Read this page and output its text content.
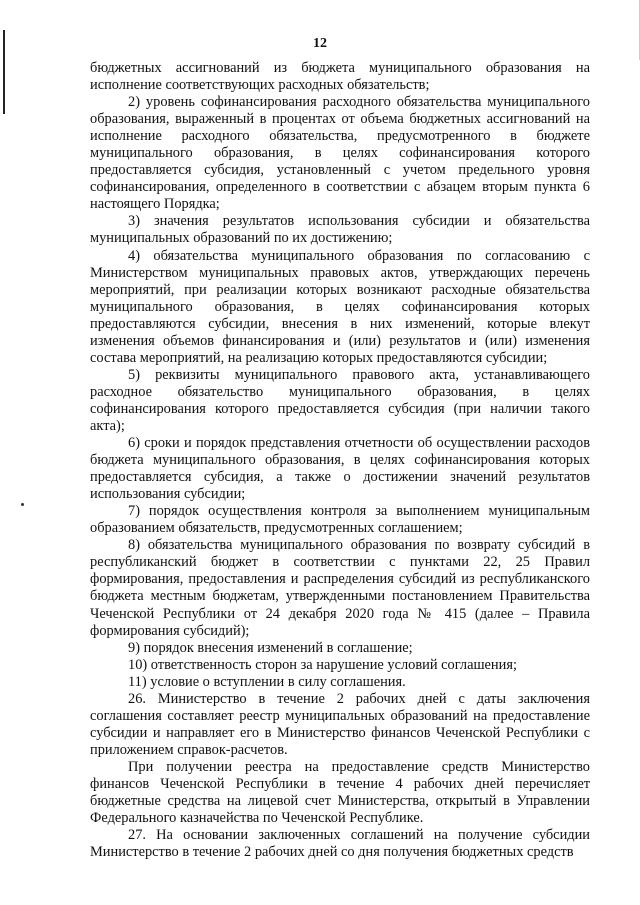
12

бюджетных ассигнований из бюджета муниципального образования на исполнение соответствующих расходных обязательств;

2) уровень софинансирования расходного обязательства муниципального образования, выраженный в процентах от объема бюджетных ассигнований на исполнение расходного обязательства, предусмотренного в бюджете муниципального образования, в целях софинансирования которого предоставляется субсидия, установленный с учетом предельного уровня софинансирования, определенного в соответствии с абзацем вторым пункта 6 настоящего Порядка;

3) значения результатов использования субсидии и обязательства муниципальных образований по их достижению;

4) обязательства муниципального образования по согласованию с Министерством муниципальных правовых актов, утверждающих перечень мероприятий, при реализации которых возникают расходные обязательства муниципального образования, в целях софинансирования которых предоставляются субсидии, внесения в них изменений, которые влекут изменения объемов финансирования и (или) результатов и (или) изменения состава мероприятий, на реализацию которых предоставляются субсидии;

5) реквизиты муниципального правового акта, устанавливающего расходное обязательство муниципального образования, в целях софинансирования которого предоставляется субсидия (при наличии такого акта);

6) сроки и порядок представления отчетности об осуществлении расходов бюджета муниципального образования, в целях софинансирования которых предоставляется субсидия, а также о достижении значений результатов использования субсидии;

7) порядок осуществления контроля за выполнением муниципальным образованием обязательств, предусмотренных соглашением;

8) обязательства муниципального образования по возврату субсидий в республиканский бюджет в соответствии с пунктами 22, 25 Правил формирования, предоставления и распределения субсидий из республиканского бюджета местным бюджетам, утвержденными постановлением Правительства Чеченской Республики от 24 декабря 2020 года № 415 (далее – Правила формирования субсидий);

9) порядок внесения изменений в соглашение;

10) ответственность сторон за нарушение условий соглашения;

11) условие о вступлении в силу соглашения.

26. Министерство в течение 2 рабочих дней с даты заключения соглашения составляет реестр муниципальных образований на предоставление субсидии и направляет его в Министерство финансов Чеченской Республики с приложением справок-расчетов.

При получении реестра на предоставление средств Министерство финансов Чеченской Республики в течение 4 рабочих дней перечисляет бюджетные средства на лицевой счет Министерства, открытый в Управлении Федерального казначейства по Чеченской Республике.

27. На основании заключенных соглашений на получение субсидии Министерство в течение 2 рабочих дней со дня получения бюджетных средств
